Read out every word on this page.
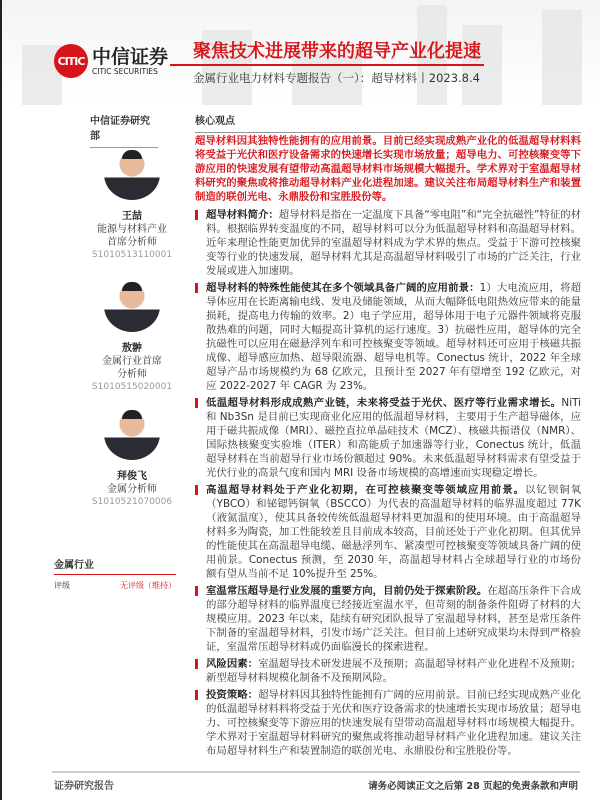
CITIC 中信证券
CITIC SECURITIES
聚焦技术进展带来的超导产业化提速
金属行业电力材料专题报告（一）：超导材料丨2023.8.4
中信证券研究部
核心观点
王喆
能源与材料产业
首席分析师
S1010513110001
敖翀
金属行业首席
分析师
S1010515020001
拜俊飞
金属分析师
S1010521070006
金属行业
评级	无评级（维持）

超导材料因其独特性能拥有的应用前景。目前已经实现成熟产业化的低温超导材料料将受益于光伏和医疗设备需求的快速增长实现市场放量；超导电力、可控核聚变等下游应用的快速发展有望带动高温超导材料市场规模大幅提升。学术界对于室温超导材料研究的聚焦或将推动超导材料产业化进程加速。建议关注布局超导材料生产和装置制造的联创光电、永鼎股份和宝胜股份等。

超导材料简介：超导材料是指在一定温度下具备“零电阻”和“完全抗磁性”特征的材料。根据临界转变温度的不同，超导材料可以分为低温超导材料和高温超导材料。近年来理论性能更加优异的室温超导材料成为学术界的焦点。受益于下游可控核聚变等行业的快速发展，超导材料尤其是高温超导材料吸引了市场的广泛关注，行业发展或进入加速期。

超导材料的特殊性能使其在多个领域具备广阔的应用前景：1）大电流应用，将超导体应用在长距离输电线、发电及储能领域，从而大幅降低电阻热效应带来的能量损耗，提高电力传输的效率。2）电子学应用，超导体用于电子元器件领域将克服散热难的问题，同时大幅提高计算机的运行速度。3）抗磁性应用，超导体的完全抗磁性可以应用在磁悬浮列车和可控核聚变等领域。超导材料还可应用于核磁共振成像、超导感应加热、超导限流器、超导电机等。Conectus 统计，2022 年全球超导产品市场规模约为 68 亿欧元，且预计至 2027 年有望增至 192 亿欧元，对应 2022-2027 年 CAGR 为 23%。

低温超导材料形成成熟产业链，未来将受益于光伏、医疗等行业需求增长。NiTi 和 Nb3Sn 是目前已实现商业化应用的低温超导材料，主要用于生产超导磁体，应用于磁共振成像（MRI）、磁控直拉单晶硅技术（MCZ）、核磁共振谱仪（NMR）、国际热核聚变实验堆（ITER）和高能质子加速器等行业，Conectus 统计，低温超导材料在当前超导行业市场份额超过 90%。未来低温超导材料需求有望受益于光伏行业的高景气度和国内 MRI 设备市场规模的高增速而实现稳定增长。

高温超导材料处于产业化初期，在可控核聚变等领域应用前景。以钇钡铜氧（YBCO）和铋锶钙铜氧（BSCCO）为代表的高温超导材料的临界温度超过 77K（液氮温度），使其具备较传统低温超导材料更加温和的使用环境。由于高温超导材料多为陶瓷，加工性能较差且目前成本较高，目前还处于产业化初期。但其优异的性能使其在高温超导电缆、磁悬浮列车、紧凑型可控核聚变等领域具备广阔的使用前景。Conectus 预测，至 2030 年，高温超导材料占全球超导行业的市场份额有望从当前不足 10%提升至 25%。

室温常压超导是行业发展的重要方向，目前仍处于探索阶段。在超高压条件下合成的部分超导材料的临界温度已经接近室温水平，但苛刻的制备条件阻碍了材料的大规模应用。2023 年以来，陆续有研究团队报导了室温超导材料，甚至是常压条件下制备的室温超导材料，引发市场广泛关注。但目前上述研究成果均未得到严格验证，室温常压超导材料或仍面临漫长的探索进程。

风险因素：室温超导技术研发进展不及预期；高温超导材料产业化进程不及预期；新型超导材料规模化制备不及预期风险。

投资策略：超导材料因其独特性能拥有广阔的应用前景。目前已经实现成熟产业化的低温超导材料料将受益于光伏和医疗设备需求的快速增长实现市场放量；超导电力、可控核聚变等下游应用的快速发展有望带动高温超导材料市场规模大幅提升。学术界对于室温超导材料研究的聚焦或将推动超导材料产业化进程加速。建议关注布局超导材料生产和装置制造的联创光电、永鼎股份和宝胜股份等。

证券研究报告	请务必阅读正文之后第 28 页起的免责条款和声明
